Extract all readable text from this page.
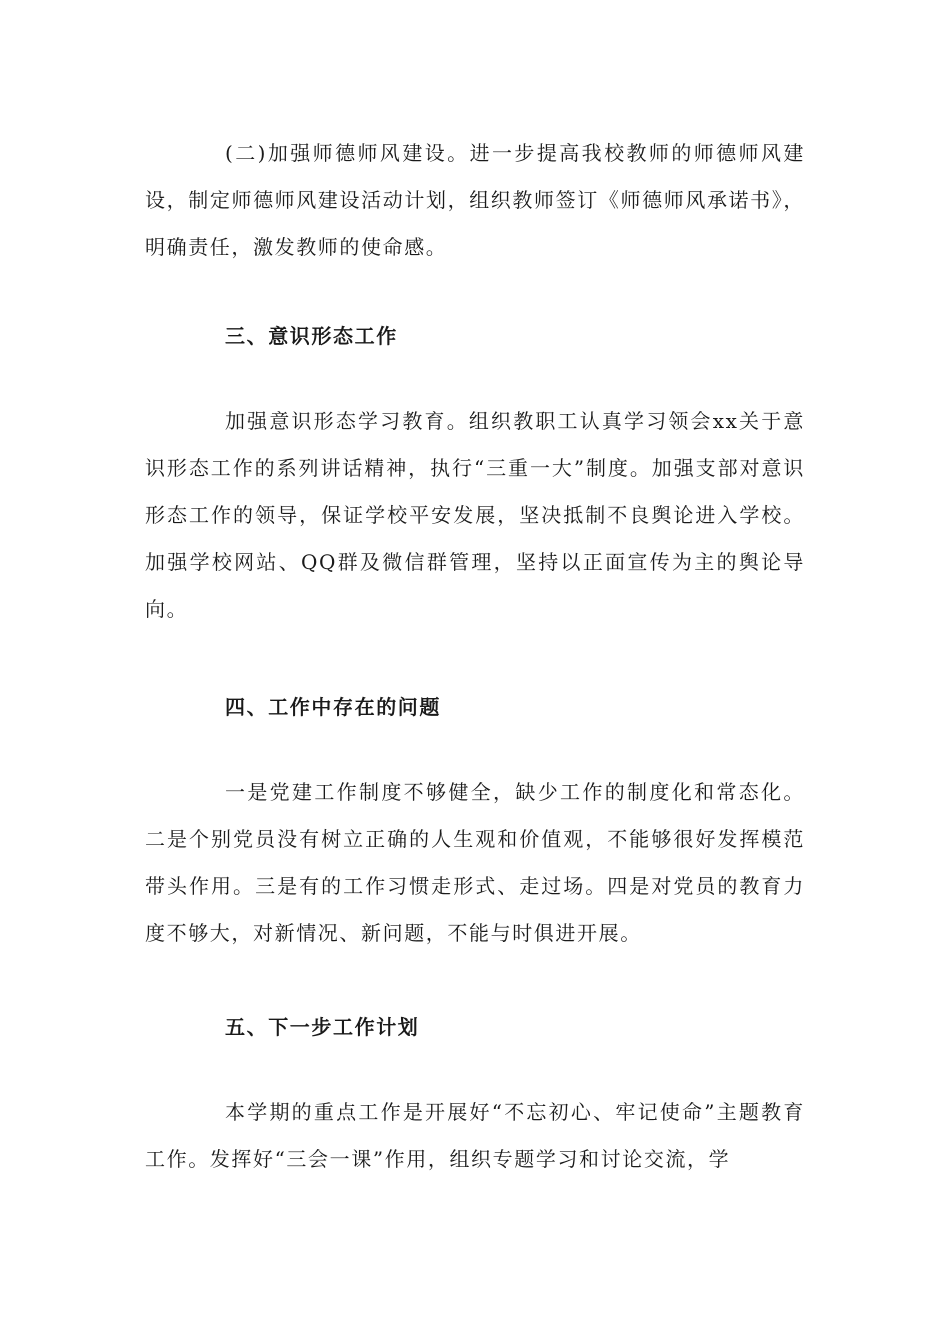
(二)加强师德师风建设。进一步提高我校教师的师德师风建设，制定师德师风建设活动计划，组织教师签订《师德师风承诺书》，明确责任，激发教师的使命感。

三、意识形态工作

加强意识形态学习教育。组织教职工认真学习领会xx关于意识形态工作的系列讲话精神，执行“三重一大”制度。加强支部对意识形态工作的领导，保证学校平安发展，坚决抵制不良舆论进入学校。加强学校网站、QQ群及微信群管理，坚持以正面宣传为主的舆论导向。

四、工作中存在的问题

一是党建工作制度不够健全，缺少工作的制度化和常态化。二是个别党员没有树立正确的人生观和价值观，不能够很好发挥模范带头作用。三是有的工作习惯走形式、走过场。四是对党员的教育力度不够大，对新情况、新问题，不能与时俱进开展。

五、下一步工作计划

本学期的重点工作是开展好“不忘初心、牢记使命”主题教育工作。发挥好“三会一课”作用，组织专题学习和讨论交流，学
